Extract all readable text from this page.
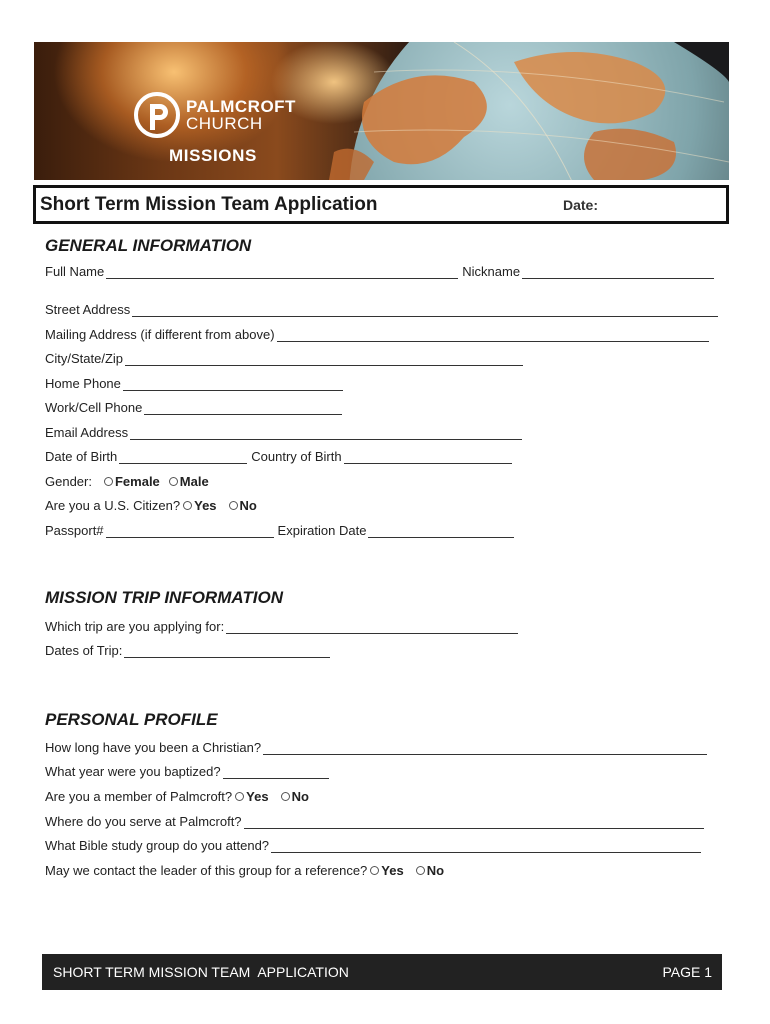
PALMCROFT
CHURCH
MISSIONS
Short Term Mission Team Application	Date:
GENERAL INFORMATION
Full Name	Nickname
Street Address
Mailing Address (if different from above)
City/State/Zip
Home Phone
Work/Cell Phone
Email Address
Date of Birth	Country of Birth
Gender: Female Male
Are you a U.S. Citizen? Yes No
Passport#	Expiration Date
MISSION TRIP INFORMATION
Which trip are you applying for:
Dates of Trip:
PERSONAL PROFILE
How long have you been a Christian?
What year were you baptized?
Are you a member of Palmcroft? Yes No
Where do you serve at Palmcroft?
What Bible study group do you attend?
May we contact the leader of this group for a reference? Yes No
SHORT TERM MISSION TEAM  APPLICATION	PAGE 1
